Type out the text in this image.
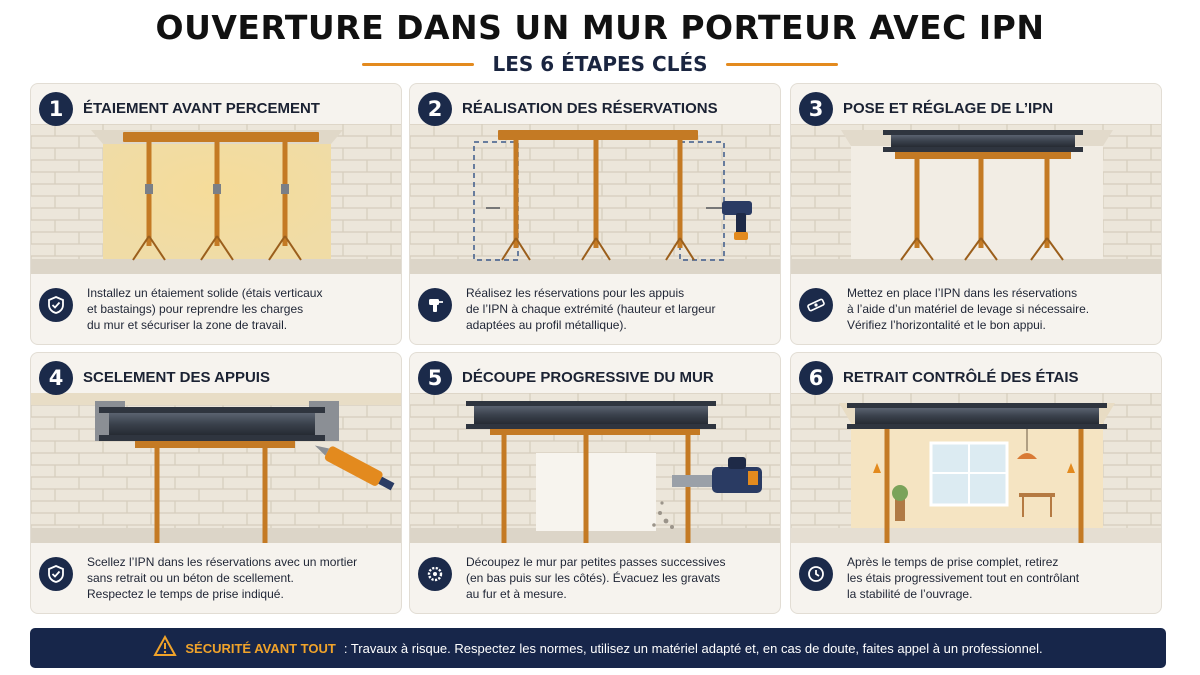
OUVERTURE DANS UN MUR PORTEUR AVEC IPN
LES 6 ÉTAPES CLÉS
1	ÉTAIEMENT AVANT PERCEMENT
Installez un étaiement solide (étais verticaux
et bastaings) pour reprendre les charges
du mur et sécuriser la zone de travail.
2	RÉALISATION DES RÉSERVATIONS
Réalisez les réservations pour les appuis
de l’IPN à chaque extrémité (hauteur et largeur
adaptées au profil métallique).
3	POSE ET RÉGLAGE DE L’IPN
Mettez en place l’IPN dans les réservations
à l’aide d’un matériel de levage si nécessaire.
Vérifiez l’horizontalité et le bon appui.
4	SCELEMENT DES APPUIS
Scellez l’IPN dans les réservations avec un mortier
sans retrait ou un béton de scellement.
Respectez le temps de prise indiqué.
5	DÉCOUPE PROGRESSIVE DU MUR
Découpez le mur par petites passes successives
(en bas puis sur les côtés). Évacuez les gravats
au fur et à mesure.
6	RETRAIT CONTRÔLÉ DES ÉTAIS
Après le temps de prise complet, retirez
les étais progressivement tout en contrôlant
la stabilité de l’ouvrage.
SÉCURITÉ AVANT TOUT : Travaux à risque. Respectez les normes, utilisez un matériel adapté et, en cas de doute, faites appel à un professionnel.
